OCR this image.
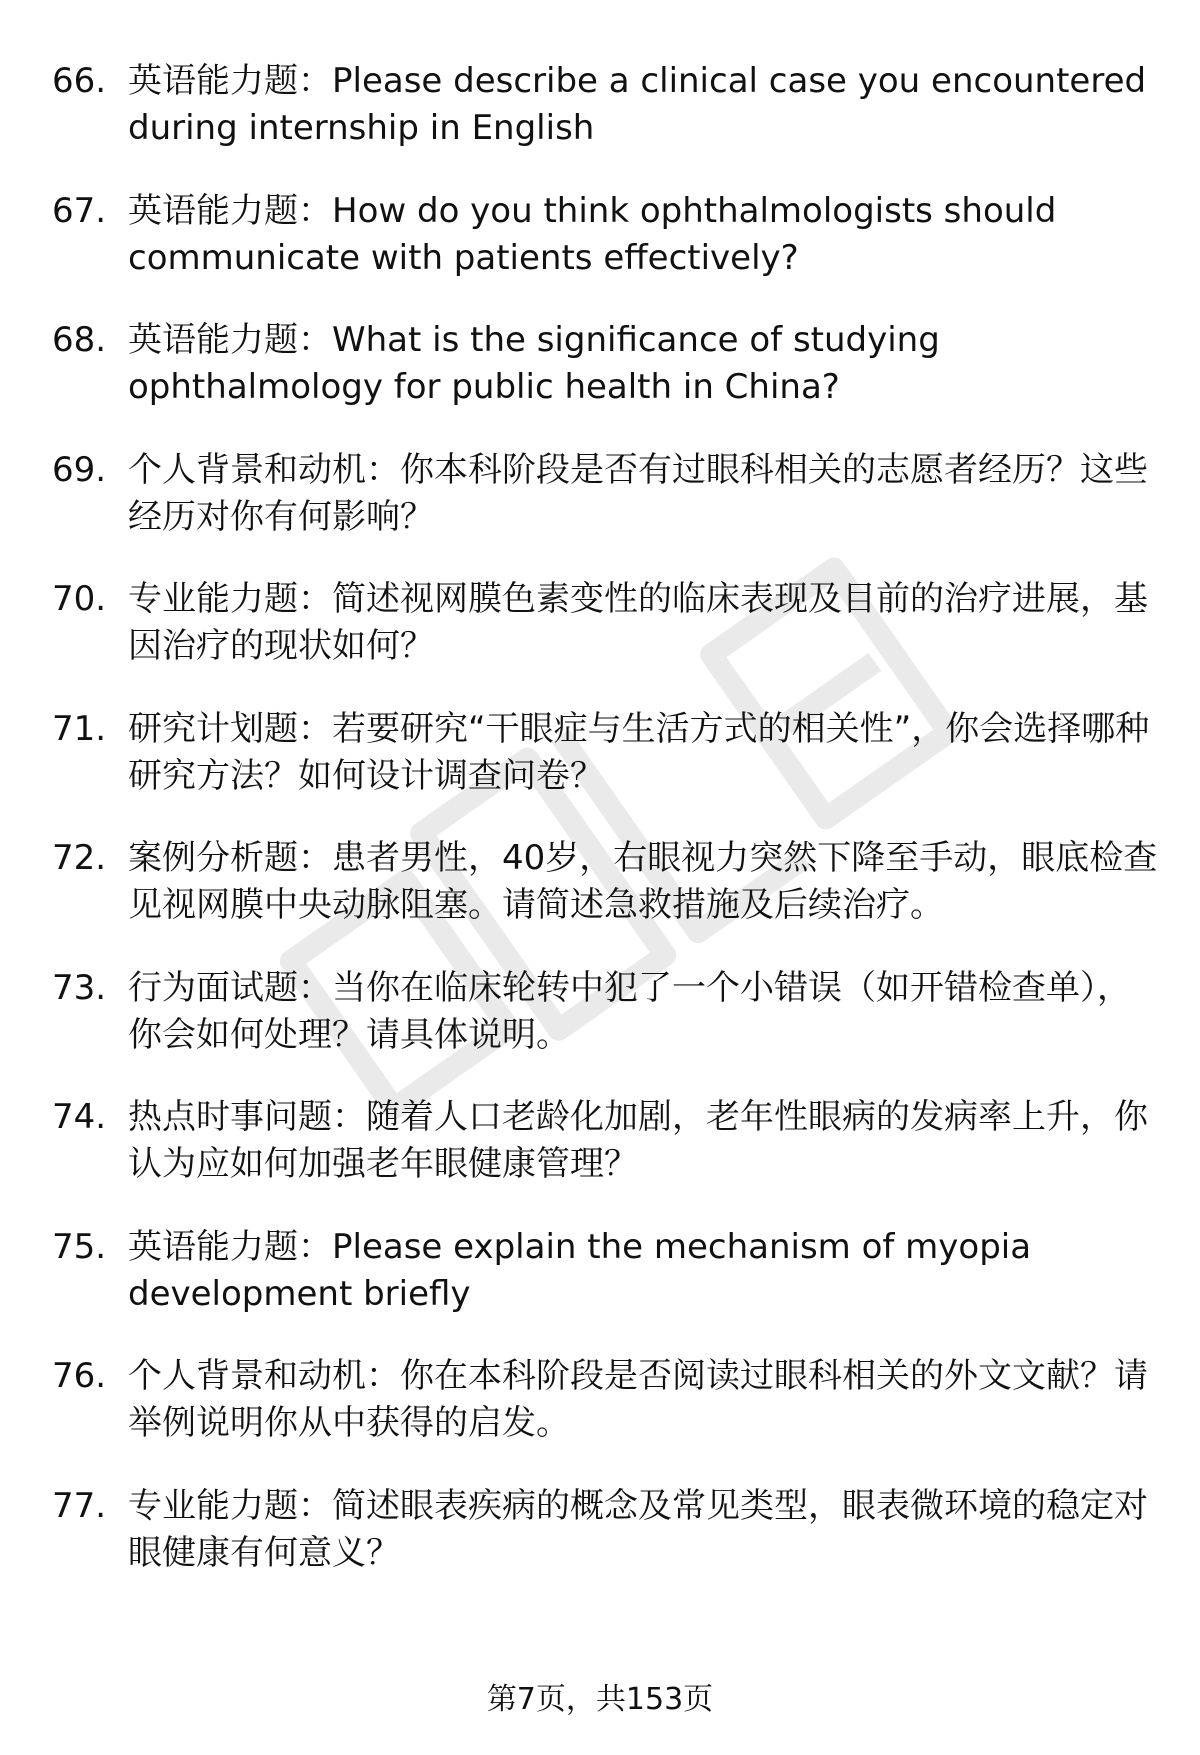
66. 英语能力题：Please describe a clinical case you encountered during internship in English
67. 英语能力题：How do you think ophthalmologists should communicate with patients effectively?
68. 英语能力题：What is the significance of studying ophthalmology for public health in China?
69. 个人背景和动机：你本科阶段是否有过眼科相关的志愿者经历？这些经历对你有何影响？
70. 专业能力题：简述视网膜色素变性的临床表现及目前的治疗进展，基因治疗的现状如何？
71. 研究计划题：若要研究“干眼症与生活方式的相关性”，你会选择哪种研究方法？如何设计调查问卷？
72. 案例分析题：患者男性，40岁，右眼视力突然下降至手动，眼底检查见视网膜中央动脉阻塞。请简述急救措施及后续治疗。
73. 行为面试题：当你在临床轮转中犯了一个小错误（如开错检查单），你会如何处理？请具体说明。
74. 热点时事问题：随着人口老龄化加剧，老年性眼病的发病率上升，你认为应如何加强老年眼健康管理？
75. 英语能力题：Please explain the mechanism of myopia development briefly
76. 个人背景和动机：你在本科阶段是否阅读过眼科相关的外文文献？请举例说明你从中获得的启发。
77. 专业能力题：简述眼表疾病的概念及常见类型，眼表微环境的稳定对眼健康有何意义？
第7页，共153页
